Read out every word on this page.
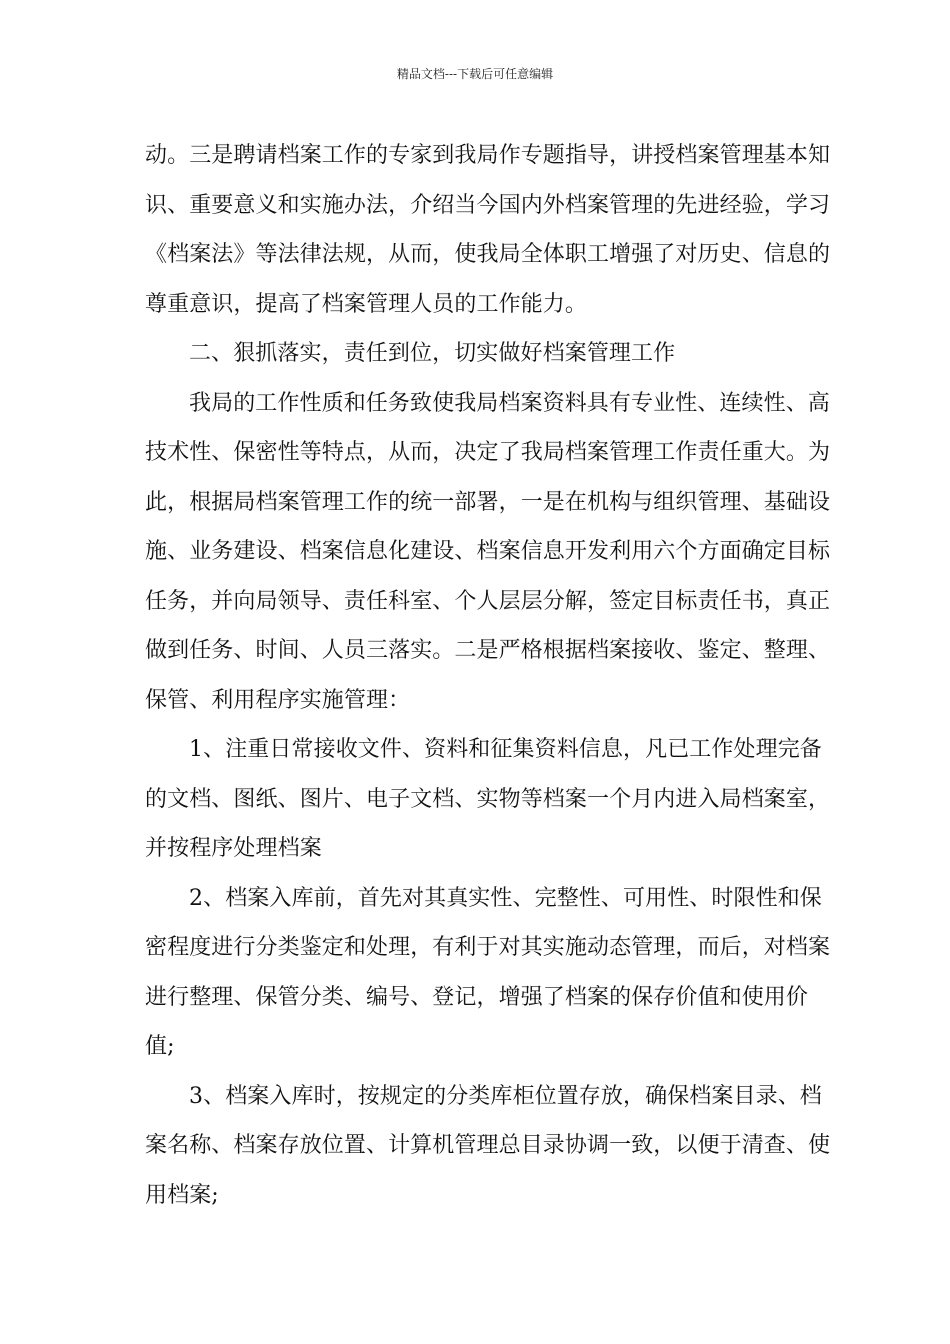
精品文档---下载后可任意编辑

动。三是聘请档案工作的专家到我局作专题指导，讲授档案管理基本知识、重要意义和实施办法，介绍当今国内外档案管理的先进经验，学习《档案法》等法律法规，从而，使我局全体职工增强了对历史、信息的尊重意识，提高了档案管理人员的工作能力。

二、狠抓落实，责任到位，切实做好档案管理工作

我局的工作性质和任务致使我局档案资料具有专业性、连续性、高技术性、保密性等特点，从而，决定了我局档案管理工作责任重大。为此，根据局档案管理工作的统一部署，一是在机构与组织管理、基础设施、业务建设、档案信息化建设、档案信息开发利用六个方面确定目标任务，并向局领导、责任科室、个人层层分解，签定目标责任书，真正做到任务、时间、人员三落实。二是严格根据档案接收、鉴定、整理、保管、利用程序实施管理：

1、注重日常接收文件、资料和征集资料信息，凡已工作处理完备的文档、图纸、图片、电子文档、实物等档案一个月内进入局档案室，并按程序处理档案

2、档案入库前，首先对其真实性、完整性、可用性、时限性和保密程度进行分类鉴定和处理，有利于对其实施动态管理，而后，对档案进行整理、保管分类、编号、登记，增强了档案的保存价值和使用价值;

3、档案入库时，按规定的分类库柜位置存放，确保档案目录、档案名称、档案存放位置、计算机管理总目录协调一致，以便于清查、使用档案;
